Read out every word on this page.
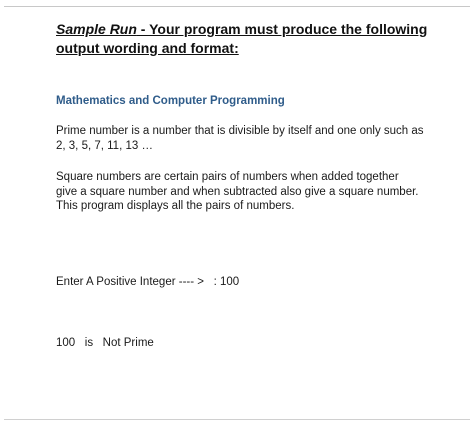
Sample Run - Your program must produce the following
output wording and format:
Mathematics and Computer Programming

Prime number is a number that is divisible by itself and one only such as

2, 3, 5, 7, 11, 13 …

Square numbers are certain pairs of numbers when added together

give a square number and when subtracted also give a square number.

This program displays all the pairs of numbers.

Enter A Positive Integer ---- > : 100
100 is   Not Prime
